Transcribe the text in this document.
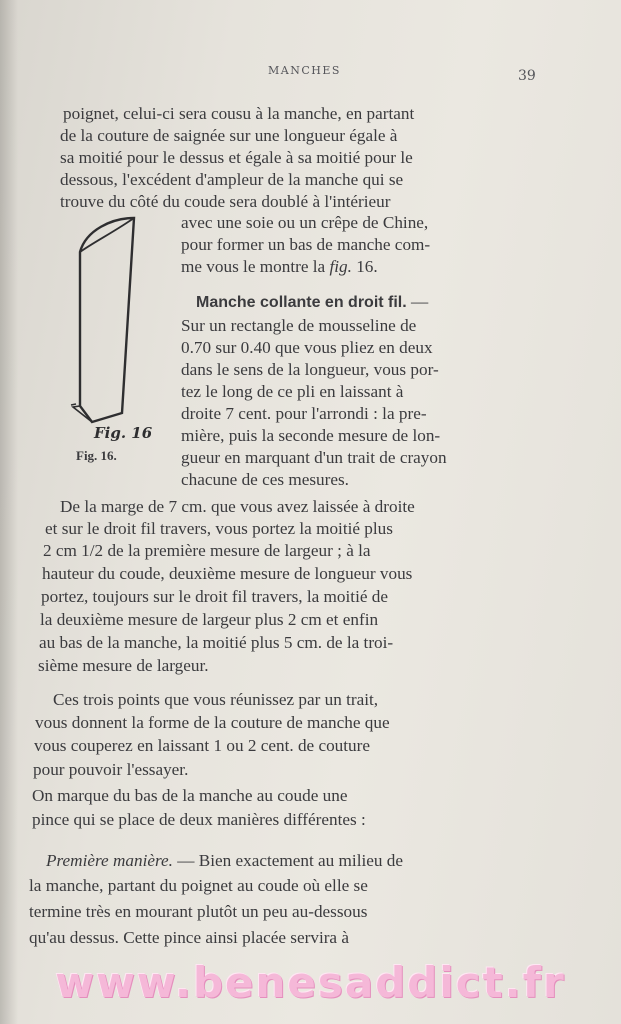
MANCHES	39
poignet, celui-ci sera cousu à la manche, en partant
de la couture de saignée sur une longueur égale à
sa moitié pour le dessus et égale à sa moitié pour le
dessous, l'excédent d'ampleur de la manche qui se
trouve du côté du coude sera doublé à l'intérieur
avec une soie ou un crêpe de Chine,
pour former un bas de manche com-
me vous le montre la fig. 16.
Manche collante en droit fil. —
Sur un rectangle de mousseline de
0.70 sur 0.40 que vous pliez en deux
dans le sens de la longueur, vous por-
tez le long de ce pli en laissant à
droite 7 cent. pour l'arrondi : la pre-
mière, puis la seconde mesure de lon-
gueur en marquant d'un trait de crayon
chacune de ces mesures.
Fig. 16
Fig. 16.
De la marge de 7 cm. que vous avez laissée à droite
et sur le droit fil travers, vous portez la moitié plus
2 cm 1/2 de la première mesure de largeur ; à la
hauteur du coude, deuxième mesure de longueur vous
portez, toujours sur le droit fil travers, la moitié de
la deuxième mesure de largeur plus 2 cm et enfin
au bas de la manche, la moitié plus 5 cm. de la troi-
sième mesure de largeur.
Ces trois points que vous réunissez par un trait,
vous donnent la forme de la couture de manche que
vous couperez en laissant 1 ou 2 cent. de couture
pour pouvoir l'essayer.
On marque du bas de la manche au coude une
pince qui se place de deux manières différentes :
Première manière. — Bien exactement au milieu de
la manche, partant du poignet au coude où elle se
termine très en mourant plutôt un peu au-dessous
qu'au dessus. Cette pince ainsi placée servira à
www.benesaddict.fr
